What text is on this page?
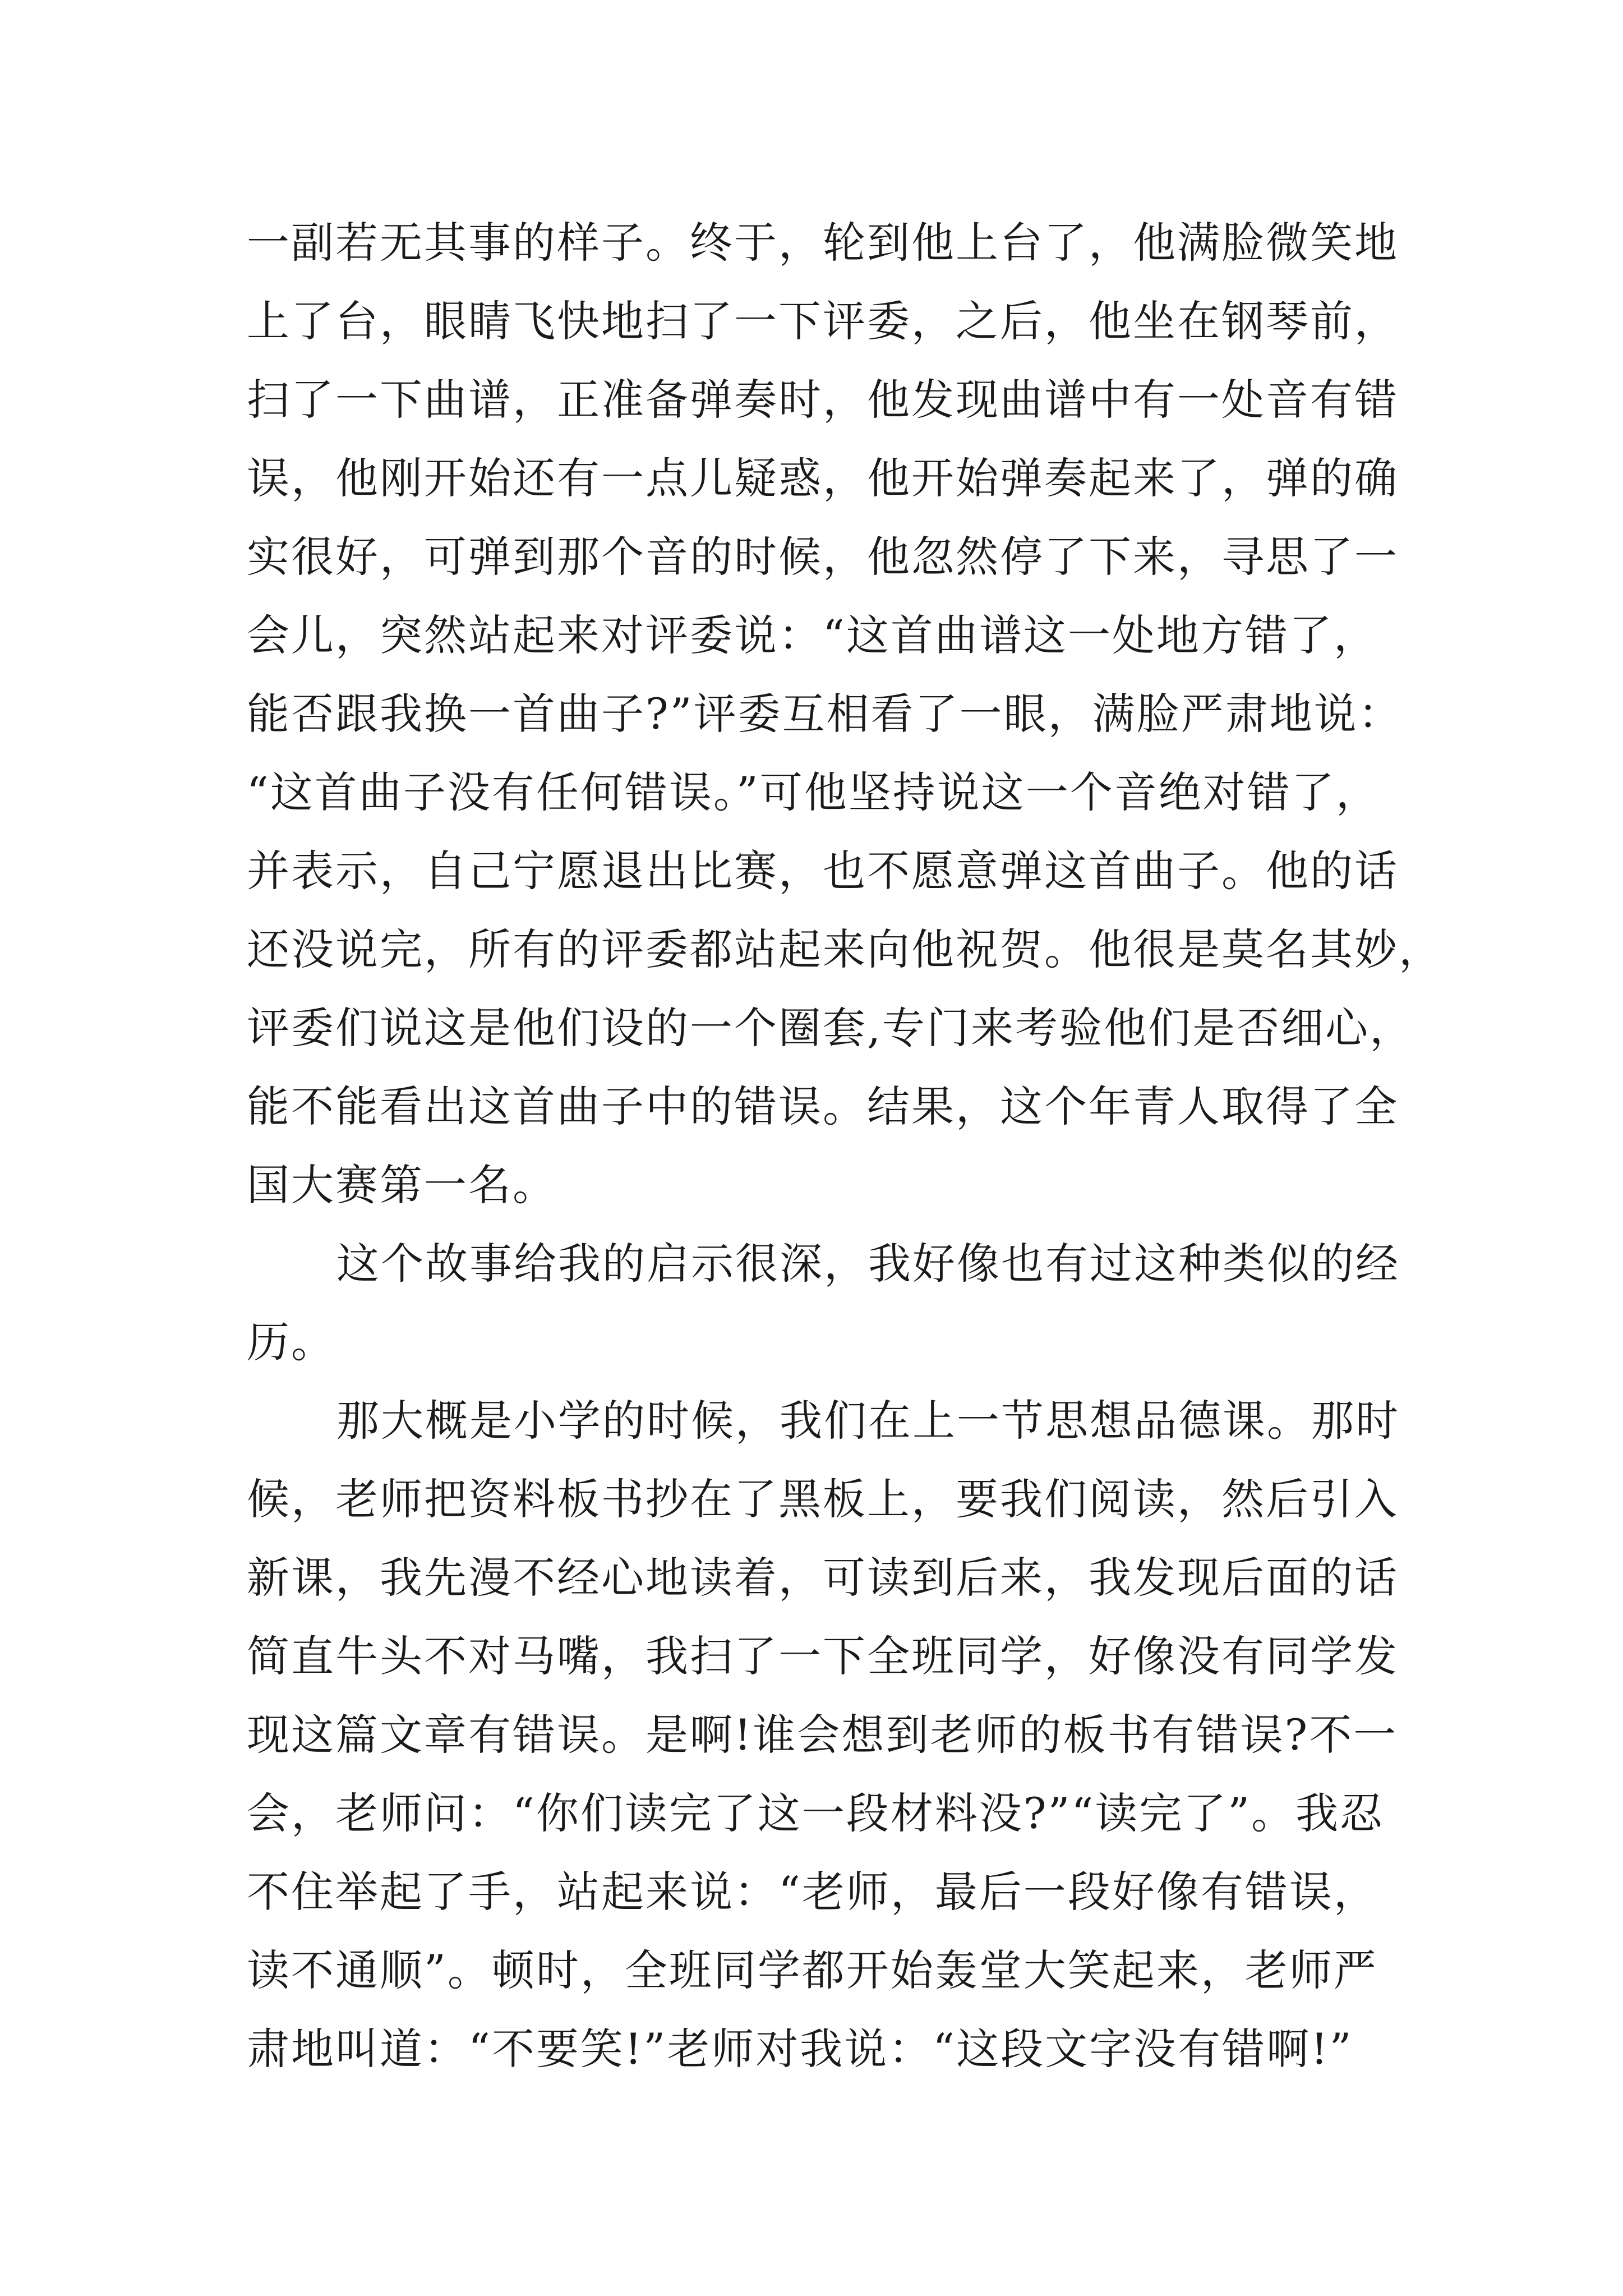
一副若无其事的样子。终于，轮到他上台了，他满脸微笑地
上了台，眼睛飞快地扫了一下评委，之后，他坐在钢琴前，
扫了一下曲谱，正准备弹奏时，他发现曲谱中有一处音有错
误，他刚开始还有一点儿疑惑，他开始弹奏起来了，弹的确
实很好，可弹到那个音的时候，他忽然停了下来，寻思了一
会儿，突然站起来对评委说：“这首曲谱这一处地方错了，
能否跟我换一首曲子?”评委互相看了一眼，满脸严肃地说：
“这首曲子没有任何错误。”可他坚持说这一个音绝对错了，
并表示，自己宁愿退出比赛，也不愿意弹这首曲子。他的话
还没说完，所有的评委都站起来向他祝贺。他很是莫名其妙，
评委们说这是他们设的一个圈套,专门来考验他们是否细心，
能不能看出这首曲子中的错误。结果，这个年青人取得了全
国大赛第一名。
这个故事给我的启示很深，我好像也有过这种类似的经
历。
那大概是小学的时候，我们在上一节思想品德课。那时
候，老师把资料板书抄在了黑板上，要我们阅读，然后引入
新课，我先漫不经心地读着，可读到后来，我发现后面的话
简直牛头不对马嘴，我扫了一下全班同学，好像没有同学发
现这篇文章有错误。是啊!谁会想到老师的板书有错误?不一
会，老师问：“你们读完了这一段材料没?”“读完了”。我忍
不住举起了手，站起来说：“老师，最后一段好像有错误，
读不通顺”。顿时，全班同学都开始轰堂大笑起来，老师严
肃地叫道：“不要笑!”老师对我说：“这段文字没有错啊!”
